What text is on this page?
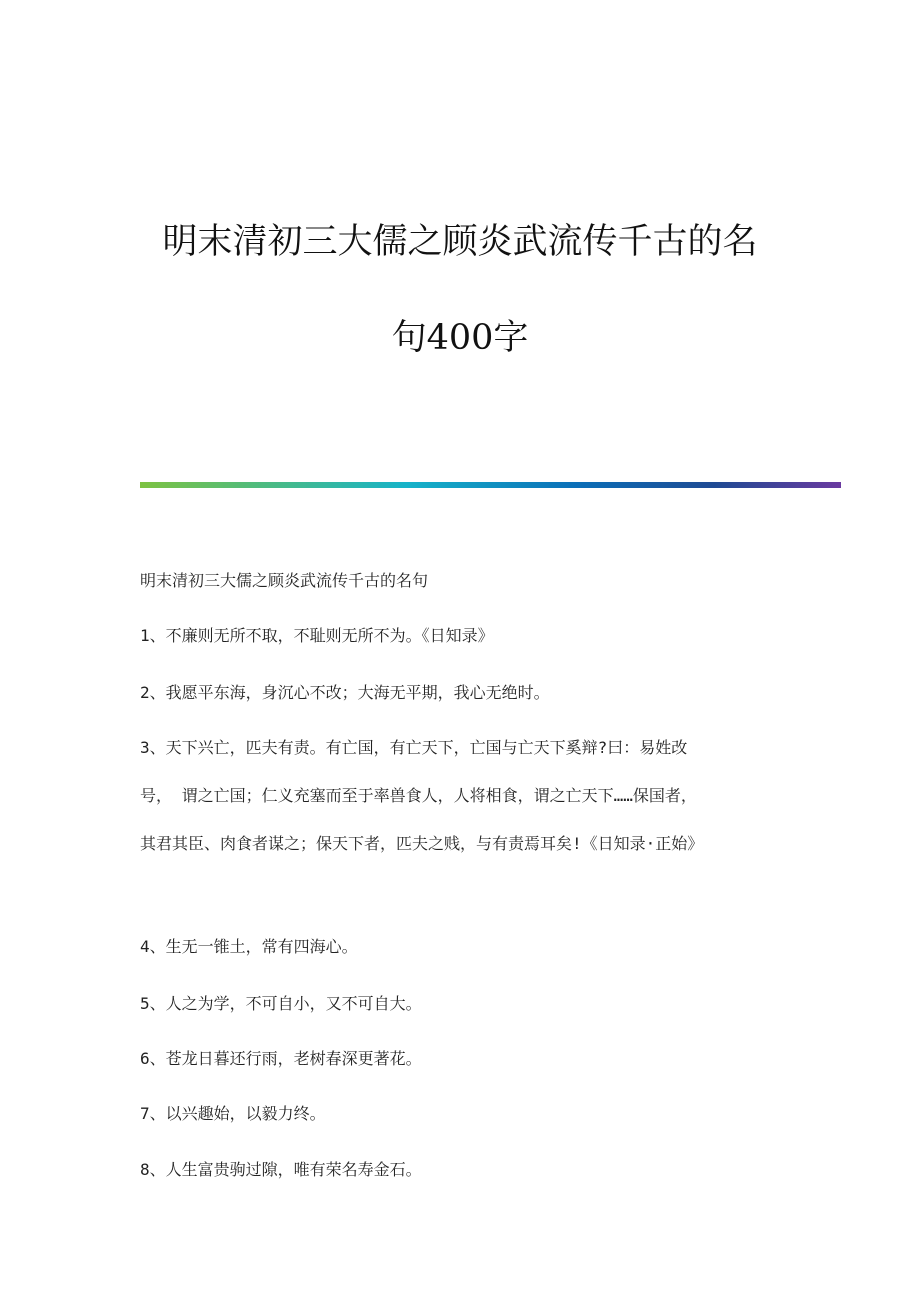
明末清初三大儒之顾炎武流传千古的名
句400字
明末清初三大儒之顾炎武流传千古的名句
1、不廉则无所不取，不耻则无所不为。《日知录》
2、我愿平东海，身沉心不改；大海无平期，我心无绝时。
3、天下兴亡，匹夫有责。有亡国，有亡天下，亡国与亡天下奚辩?曰：易姓改
号， 谓之亡国；仁义充塞而至于率兽食人，人将相食，谓之亡天下……保国者，
其君其臣、肉食者谋之；保天下者，匹夫之贱，与有责焉耳矣!《日知录·正始》
4、生无一锥土，常有四海心。
5、人之为学，不可自小，又不可自大。
6、苍龙日暮还行雨，老树春深更著花。
7、以兴趣始，以毅力终。
8、人生富贵驹过隙，唯有荣名寿金石。
